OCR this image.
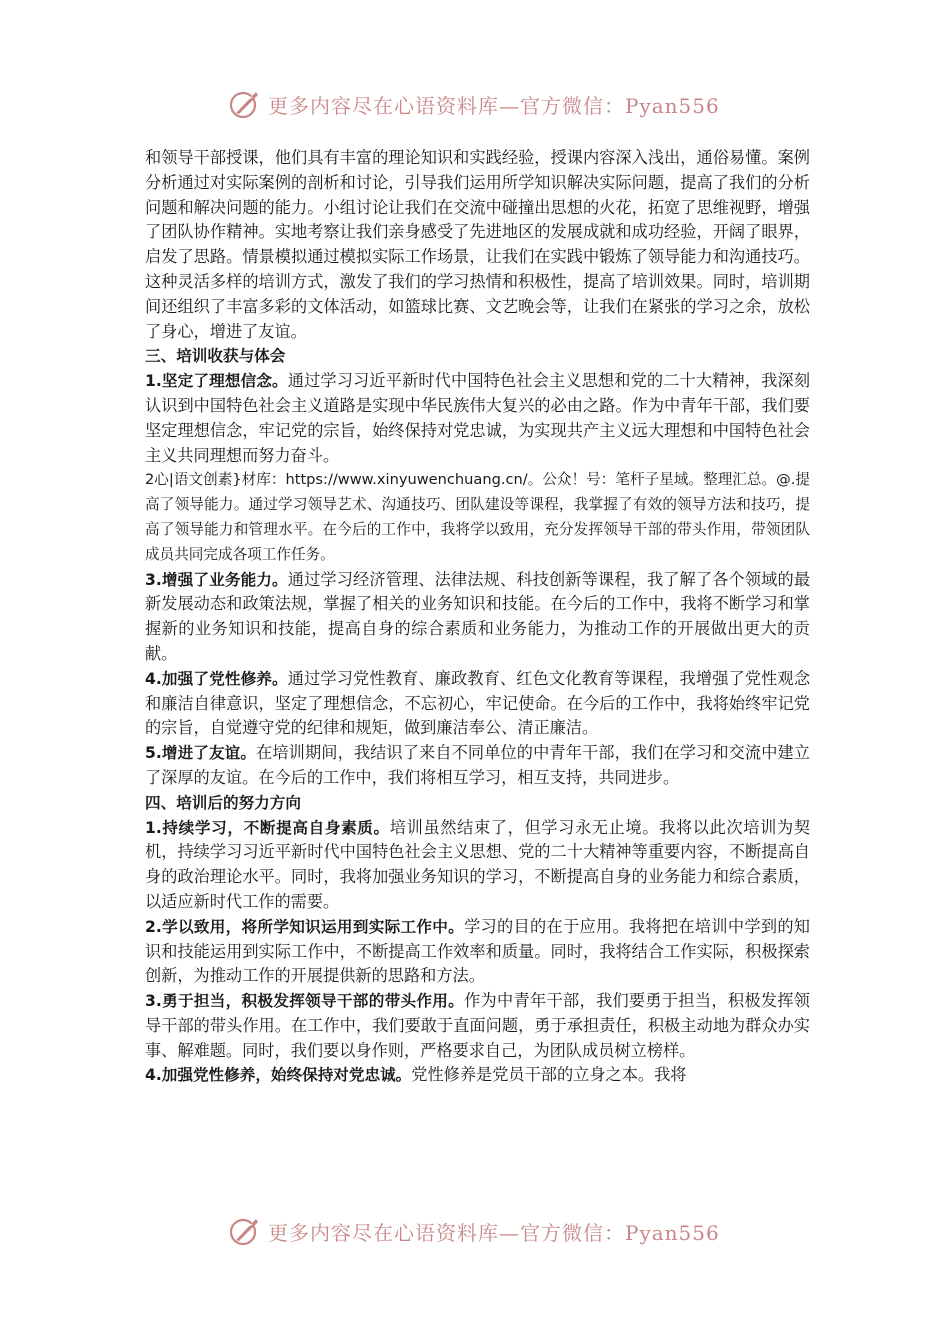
更多内容尽在心语资料库—官方微信：Pyan556

和领导干部授课，他们具有丰富的理论知识和实践经验，授课内容深入浅出，通俗易懂。案例分析通过对实际案例的剖析和讨论，引导我们运用所学知识解决实际问题，提高了我们的分析问题和解决问题的能力。小组讨论让我们在交流中碰撞出思想的火花，拓宽了思维视野，增强了团队协作精神。实地考察让我们亲身感受了先进地区的发展成就和成功经验，开阔了眼界，启发了思路。情景模拟通过模拟实际工作场景，让我们在实践中锻炼了领导能力和沟通技巧。这种灵活多样的培训方式，激发了我们的学习热情和积极性，提高了培训效果。同时，培训期间还组织了丰富多彩的文体活动，如篮球比赛、文艺晚会等，让我们在紧张的学习之余，放松了身心，增进了友谊。

三、培训收获与体会

1.坚定了理想信念。通过学习习近平新时代中国特色社会主义思想和党的二十大精神，我深刻认识到中国特色社会主义道路是实现中华民族伟大复兴的必由之路。作为中青年干部，我们要坚定理想信念，牢记党的宗旨，始终保持对党忠诚，为实现共产主义远大理想和中国特色社会主义共同理想而努力奋斗。

2心|语文创素}材库：https://www.xinyuwenchuang.cn/。公众！号：笔杆子星域。整理汇总。@.提高了领导能力。通过学习领导艺术、沟通技巧、团队建设等课程，我掌握了有效的领导方法和技巧，提高了领导能力和管理水平。在今后的工作中，我将学以致用，充分发挥领导干部的带头作用，带领团队成员共同完成各项工作任务。

3.增强了业务能力。通过学习经济管理、法律法规、科技创新等课程，我了解了各个领域的最新发展动态和政策法规，掌握了相关的业务知识和技能。在今后的工作中，我将不断学习和掌握新的业务知识和技能，提高自身的综合素质和业务能力，为推动工作的开展做出更大的贡献。

4.加强了党性修养。通过学习党性教育、廉政教育、红色文化教育等课程，我增强了党性观念和廉洁自律意识，坚定了理想信念，不忘初心，牢记使命。在今后的工作中，我将始终牢记党的宗旨，自觉遵守党的纪律和规矩，做到廉洁奉公、清正廉洁。

5.增进了友谊。在培训期间，我结识了来自不同单位的中青年干部，我们在学习和交流中建立了深厚的友谊。在今后的工作中，我们将相互学习，相互支持，共同进步。

四、培训后的努力方向

1.持续学习，不断提高自身素质。培训虽然结束了，但学习永无止境。我将以此次培训为契机，持续学习习近平新时代中国特色社会主义思想、党的二十大精神等重要内容，不断提高自身的政治理论水平。同时，我将加强业务知识的学习，不断提高自身的业务能力和综合素质，以适应新时代工作的需要。

2.学以致用，将所学知识运用到实际工作中。学习的目的在于应用。我将把在培训中学到的知识和技能运用到实际工作中，不断提高工作效率和质量。同时，我将结合工作实际，积极探索创新，为推动工作的开展提供新的思路和方法。

3.勇于担当，积极发挥领导干部的带头作用。作为中青年干部，我们要勇于担当，积极发挥领导干部的带头作用。在工作中，我们要敢于直面问题，勇于承担责任，积极主动地为群众办实事、解难题。同时，我们要以身作则，严格要求自己，为团队成员树立榜样。

4.加强党性修养，始终保持对党忠诚。党性修养是党员干部的立身之本。我将

更多内容尽在心语资料库—官方微信：Pyan556
